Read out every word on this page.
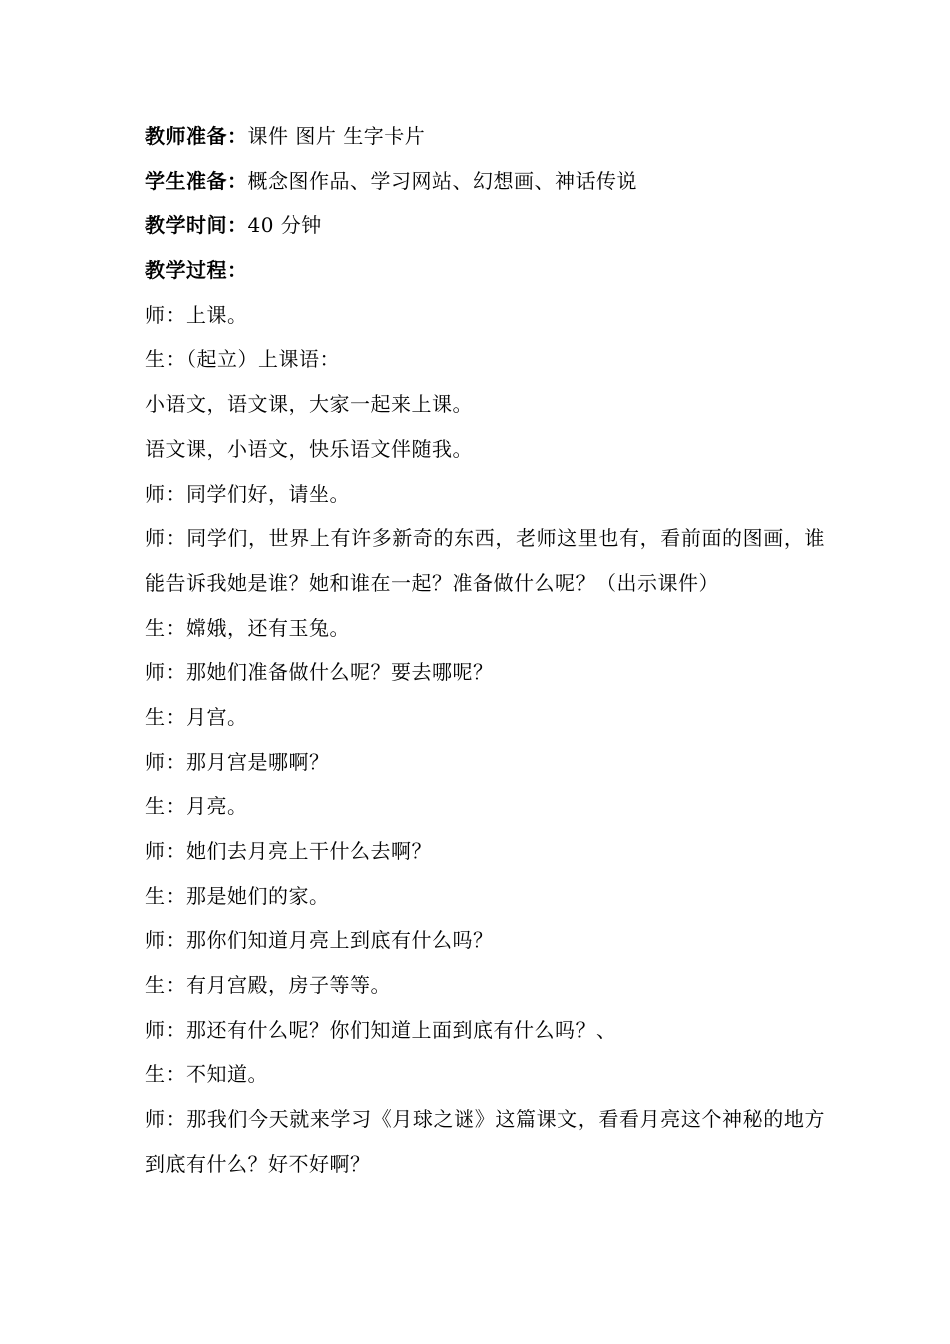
教师准备：课件 图片 生字卡片
学生准备：概念图作品、学习网站、幻想画、神话传说
教学时间：40 分钟
教学过程：
师：上课。
生：（起立）上课语：
小语文，语文课，大家一起来上课。
语文课，小语文，快乐语文伴随我。
师：同学们好，请坐。
师：同学们，世界上有许多新奇的东西，老师这里也有，看前面的图画，谁能告诉我她是谁？她和谁在一起？准备做什么呢？（出示课件）
生：嫦娥，还有玉兔。
师：那她们准备做什么呢？要去哪呢？
生：月宫。
师：那月宫是哪啊？
生：月亮。
师：她们去月亮上干什么去啊？
生：那是她们的家。
师：那你们知道月亮上到底有什么吗？
生：有月宫殿，房子等等。
师：那还有什么呢？你们知道上面到底有什么吗？、
生：不知道。
师：那我们今天就来学习《月球之谜》这篇课文，看看月亮这个神秘的地方到底有什么？好不好啊？
